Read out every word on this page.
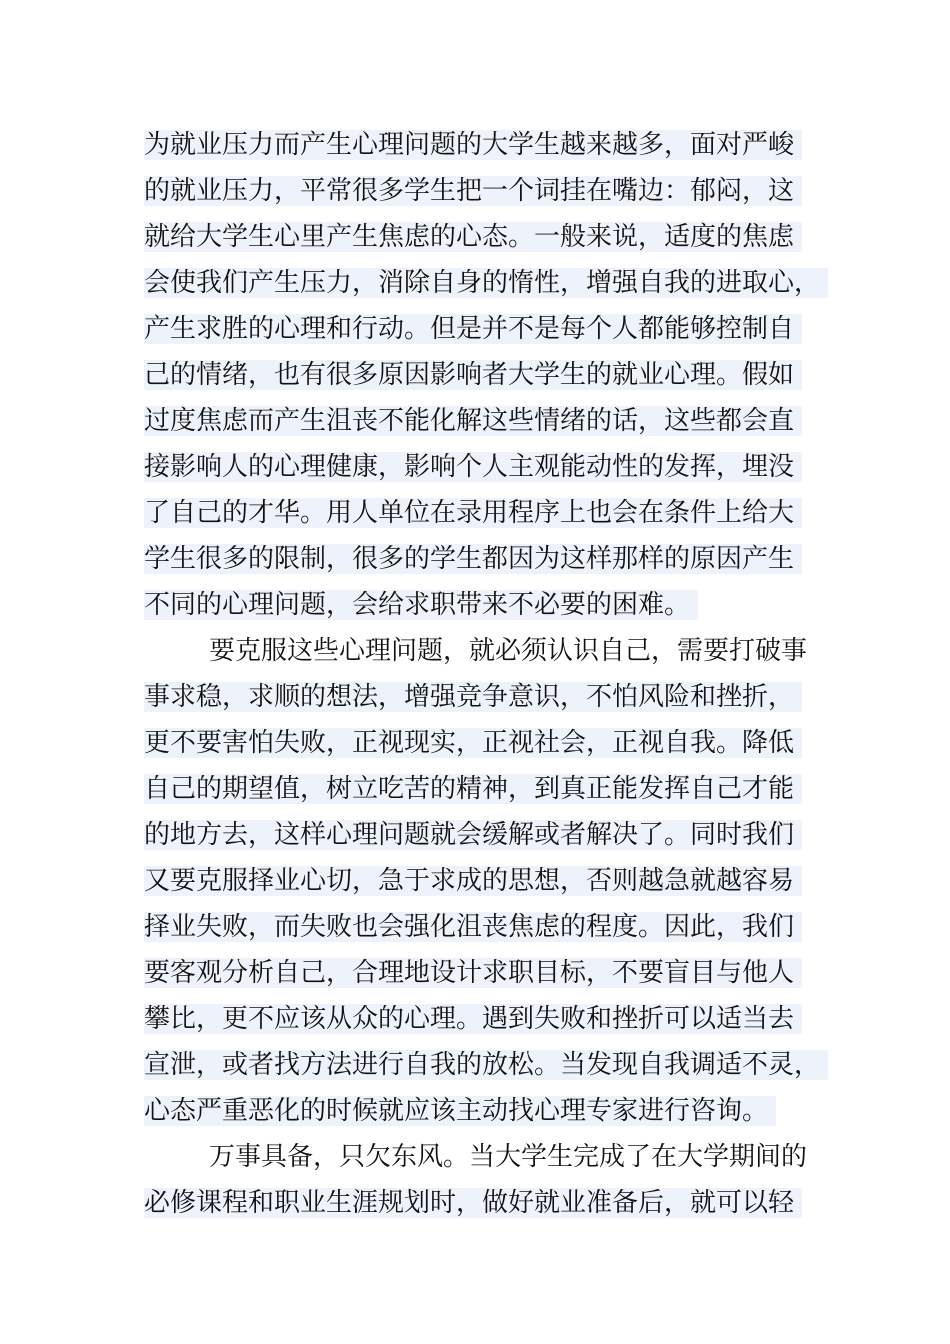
为就业压力而产生心理问题的大学生越来越多，面对严峻
的就业压力，平常很多学生把一个词挂在嘴边：郁闷，这
就给大学生心里产生焦虑的心态。一般来说，适度的焦虑
会使我们产生压力，消除自身的惰性，增强自我的进取心，
产生求胜的心理和行动。但是并不是每个人都能够控制自
己的情绪，也有很多原因影响者大学生的就业心理。假如
过度焦虑而产生沮丧不能化解这些情绪的话，这些都会直
接影响人的心理健康，影响个人主观能动性的发挥，埋没
了自己的才华。用人单位在录用程序上也会在条件上给大
学生很多的限制，很多的学生都因为这样那样的原因产生
不同的心理问题，会给求职带来不必要的困难。
要克服这些心理问题，就必须认识自己，需要打破事
事求稳，求顺的想法，增强竞争意识，不怕风险和挫折，
更不要害怕失败，正视现实，正视社会，正视自我。降低
自己的期望值，树立吃苦的精神，到真正能发挥自己才能
的地方去，这样心理问题就会缓解或者解决了。同时我们
又要克服择业心切，急于求成的思想，否则越急就越容易
择业失败，而失败也会强化沮丧焦虑的程度。因此，我们
要客观分析自己，合理地设计求职目标，不要盲目与他人
攀比，更不应该从众的心理。遇到失败和挫折可以适当去
宣泄，或者找方法进行自我的放松。当发现自我调适不灵，
心态严重恶化的时候就应该主动找心理专家进行咨询。
万事具备，只欠东风。当大学生完成了在大学期间的
必修课程和职业生涯规划时，做好就业准备后，就可以轻
